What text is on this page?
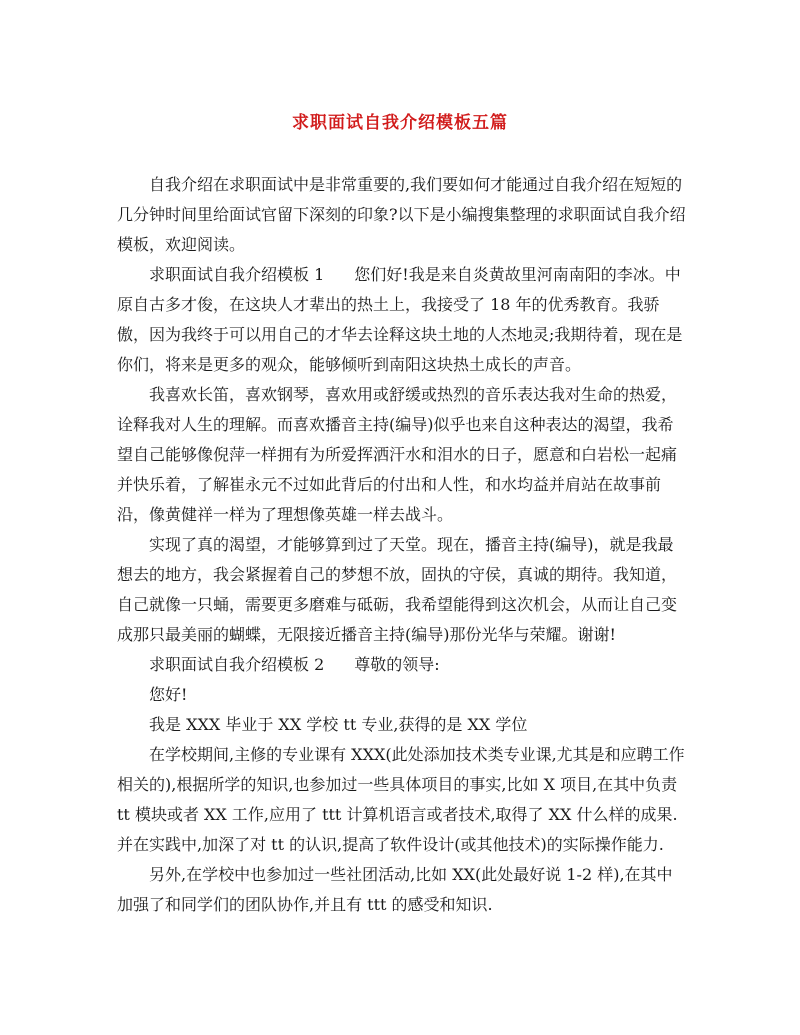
求职面试自我介绍模板五篇

自我介绍在求职面试中是非常重要的,我们要如何才能通过自我介绍在短短的几分钟时间里给面试官留下深刻的印象?以下是小编搜集整理的求职面试自我介绍模板，欢迎阅读。

求职面试自我介绍模板 1 您们好!我是来自炎黄故里河南南阳的李冰。中原自古多才俊，在这块人才辈出的热土上，我接受了 18 年的优秀教育。我骄傲，因为我终于可以用自己的才华去诠释这块土地的人杰地灵;我期待着，现在是你们，将来是更多的观众，能够倾听到南阳这块热土成长的声音。

我喜欢长笛，喜欢钢琴，喜欢用或舒缓或热烈的音乐表达我对生命的热爱，诠释我对人生的理解。而喜欢播音主持(编导)似乎也来自这种表达的渴望，我希望自己能够像倪萍一样拥有为所爱挥洒汗水和泪水的日子，愿意和白岩松一起痛并快乐着，了解崔永元不过如此背后的付出和人性，和水均益并肩站在故事前沿，像黄健祥一样为了理想像英雄一样去战斗。

实现了真的渴望，才能够算到过了天堂。现在，播音主持(编导)，就是我最想去的地方，我会紧握着自己的梦想不放，固执的守侯，真诚的期待。我知道，自己就像一只蛹，需要更多磨难与砥砺，我希望能得到这次机会，从而让自己变成那只最美丽的蝴蝶，无限接近播音主持(编导)那份光华与荣耀。谢谢!

求职面试自我介绍模板 2 尊敬的领导:

您好!

我是 XXX 毕业于 XX 学校 tt 专业,获得的是 XX 学位

在学校期间,主修的专业课有 XXX(此处添加技术类专业课,尤其是和应聘工作相关的),根据所学的知识,也参加过一些具体项目的事实,比如 X 项目,在其中负责 tt 模块或者 XX 工作,应用了 ttt 计算机语言或者技术,取得了 XX 什么样的成果.并在实践中,加深了对 tt 的认识,提高了软件设计(或其他技术)的实际操作能力.

另外,在学校中也参加过一些社团活动,比如 XX(此处最好说 1-2 样),在其中加强了和同学们的团队协作,并且有 ttt 的感受和知识.
